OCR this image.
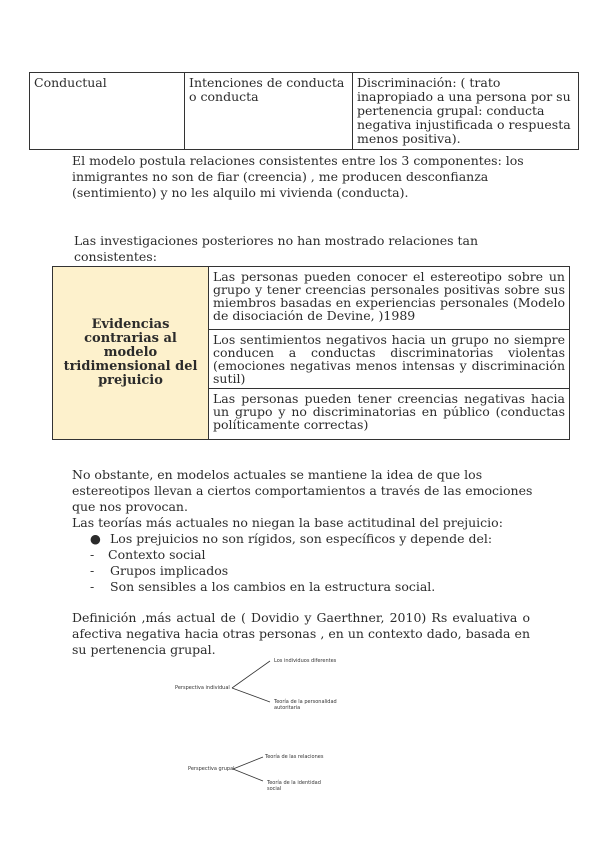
Conductual	Intenciones de conducta o conducta	Discriminación: ( trato inapropiado a una persona por su pertenencia grupal: conducta negativa injustificada o respuesta menos positiva).

El modelo postula relaciones consistentes entre los 3 componentes: los inmigrantes no son de fiar (creencia) , me producen desconfianza (sentimiento) y no les alquilo mi vivienda (conducta).

Las investigaciones posteriores no han mostrado relaciones tan consistentes:

Evidencias contrarias al modelo tridimensional del prejuicio	Las personas pueden conocer el estereotipo sobre un grupo y tener creencias personales positivas sobre sus miembros basadas en experiencias personales (Modelo de disociación de Devine, )1989
Los sentimientos negativos hacia un grupo no siempre conducen a conductas discriminatorias violentas (emociones negativas menos intensas y discriminación sutil)
Las personas pueden tener creencias negativas hacia un grupo y no discriminatorias en público (conductas políticamente correctas)

No obstante, en modelos actuales se mantiene la idea de que los estereotipos llevan a ciertos comportamientos a través de las emociones que nos provocan.

Las teorías más actuales no niegan la base actitudinal del prejuicio:

● Los prejuicios no son rígidos, son específicos y depende del:
- Contexto social
- Grupos implicados
- Son sensibles a los cambios en la estructura social.

Definición ,más actual de ( Dovidio y Gaerthner, 2010) Rs evaluativa o afectiva negativa hacia otras personas , en un contexto dado, basada en su pertenencia grupal.

Perspectiva individual
Los individuos diferentes
Teoría de la personalidad autoritaria
Perspectiva grupal
Teoría de las relaciones
Teoría de la identidad social
